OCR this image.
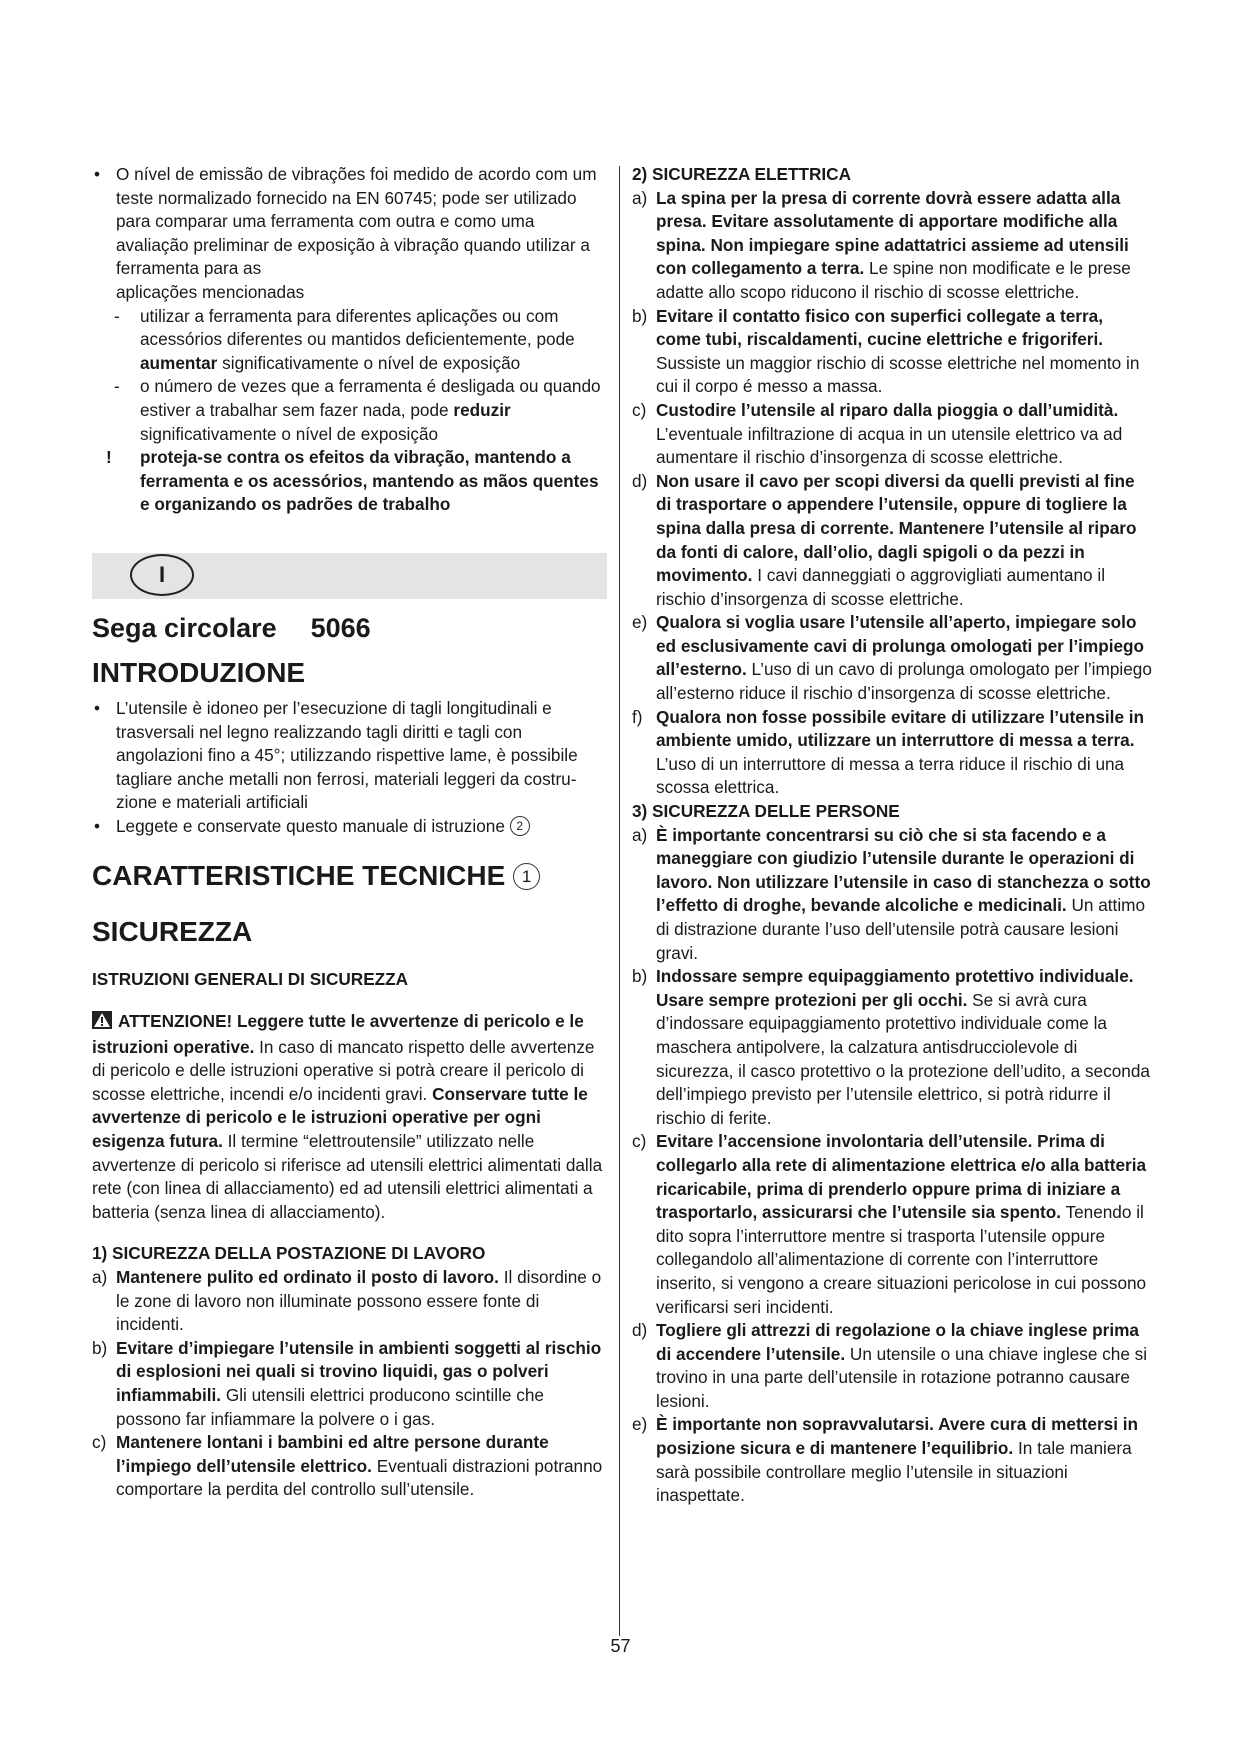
• O nível de emissão de vibrações foi medido de acordo com um teste normalizado fornecido na EN 60745; pode ser utilizado para comparar uma ferramenta com outra e como uma avaliação preliminar de exposição à vibração quando utilizar a ferramenta para as

aplicações mencionadas

- utilizar a ferramenta para diferentes aplicações ou com acessórios diferentes ou mantidos deficientemente, pode aumentar significativamente o nível de exposição

- o número de vezes que a ferramenta é desligada ou quando estiver a trabalhar sem fazer nada, pode reduzir significativamente o nível de exposição

! proteja-se contra os efeitos da vibração, mantendo a ferramenta e os acessórios, mantendo as mãos quentes e organizando os padrões de trabalho

I
Sega circolare 5066
INTRODUZIONE

• L’utensile è idoneo per l’esecuzione di tagli longitudinali e trasversali nel legno realizzando tagli diritti e tagli con angolazioni fino a 45°; utilizzando rispettive lame, è possibile tagliare anche metalli non ferrosi, materiali leggeri da costru-zione e materiali artificiali

• Leggete e conservate questo manuale di istruzione 2

CARATTERISTICHE TECNICHE 1
SICUREZZA

ISTRUZIONI GENERALI DI SICUREZZA

ATTENZIONE! Leggere tutte le avvertenze di pericolo e le istruzioni operative. In caso di mancato rispetto delle avvertenze di pericolo e delle istruzioni operative si potrà creare il pericolo di scosse elettriche, incendi e/o incidenti gravi. Conservare tutte le avvertenze di pericolo e le istruzioni operative per ogni esigenza futura. Il termine “elettroutensile” utilizzato nelle avvertenze di pericolo si riferisce ad utensili elettrici alimentati dalla rete (con linea di allacciamento) ed ad utensili elettrici alimentati a batteria (senza linea di allacciamento).

1) SICUREZZA DELLA POSTAZIONE DI LAVORO

a) Mantenere pulito ed ordinato il posto di lavoro. Il disordine o le zone di lavoro non illuminate possono essere fonte di incidenti.

b) Evitare d’impiegare l’utensile in ambienti soggetti al rischio di esplosioni nei quali si trovino liquidi, gas o polveri infiammabili. Gli utensili elettrici producono scintille che possono far infiammare la polvere o i gas.

c) Mantenere lontani i bambini ed altre persone durante l’impiego dell’utensile elettrico. Eventuali distrazioni potranno comportare la perdita del controllo sull’utensile.

2) SICUREZZA ELETTRICA

a) La spina per la presa di corrente dovrà essere adatta alla presa. Evitare assolutamente di apportare modifiche alla spina. Non impiegare spine adattatrici assieme ad utensili con collegamento a terra. Le spine non modificate e le prese adatte allo scopo riducono il rischio di scosse elettriche.

b) Evitare il contatto fisico con superfici collegate a terra, come tubi, riscaldamenti, cucine elettriche e frigoriferi. Sussiste un maggior rischio di scosse elettriche nel momento in cui il corpo é messo a massa.

c) Custodire l’utensile al riparo dalla pioggia o dall’umidità. L’eventuale infiltrazione di acqua in un utensile elettrico va ad aumentare il rischio d’insorgenza di scosse elettriche.

d) Non usare il cavo per scopi diversi da quelli previsti al fine di trasportare o appendere l’utensile, oppure di togliere la spina dalla presa di corrente. Mantenere l’utensile al riparo da fonti di calore, dall’olio, dagli spigoli o da pezzi in movimento. I cavi danneggiati o aggrovigliati aumentano il rischio d’insorgenza di scosse elettriche.

e) Qualora si voglia usare l’utensile all’aperto, impiegare solo ed esclusivamente cavi di prolunga omologati per l’impiego all’esterno. L’uso di un cavo di prolunga omologato per l’impiego all’esterno riduce il rischio d’insorgenza di scosse elettriche.

f) Qualora non fosse possibile evitare di utilizzare l’utensile in ambiente umido, utilizzare un interruttore di messa a terra. L’uso di un interruttore di messa a terra riduce il rischio di una scossa elettrica.

3) SICUREZZA DELLE PERSONE

a) È importante concentrarsi su ciò che si sta facendo e a maneggiare con giudizio l’utensile durante le operazioni di lavoro. Non utilizzare l’utensile in caso di stanchezza o sotto l’effetto di droghe, bevande alcoliche e medicinali. Un attimo di distrazione durante l’uso dell’utensile potrà causare lesioni gravi.

b) Indossare sempre equipaggiamento protettivo individuale. Usare sempre protezioni per gli occhi. Se si avrà cura d’indossare equipaggiamento protettivo individuale come la maschera antipolvere, la calzatura antisdrucciolevole di sicurezza, il casco protettivo o la protezione dell’udito, a seconda dell’impiego previsto per l’utensile elettrico, si potrà ridurre il rischio di ferite.

c) Evitare l’accensione involontaria dell’utensile. Prima di collegarlo alla rete di alimentazione elettrica e/o alla batteria ricaricabile, prima di prenderlo oppure prima di iniziare a trasportarlo, assicurarsi che l’utensile sia spento. Tenendo il dito sopra l’interruttore mentre si trasporta l’utensile oppure collegandolo all’alimentazione di corrente con l’interruttore inserito, si vengono a creare situazioni pericolose in cui possono verificarsi seri incidenti.

d) Togliere gli attrezzi di regolazione o la chiave inglese prima di accendere l’utensile. Un utensile o una chiave inglese che si trovino in una parte dell’utensile in rotazione potranno causare lesioni.

e) È importante non sopravvalutarsi. Avere cura di mettersi in posizione sicura e di mantenere l’equilibrio. In tale maniera sarà possibile controllare meglio l’utensile in situazioni inaspettate.

57
